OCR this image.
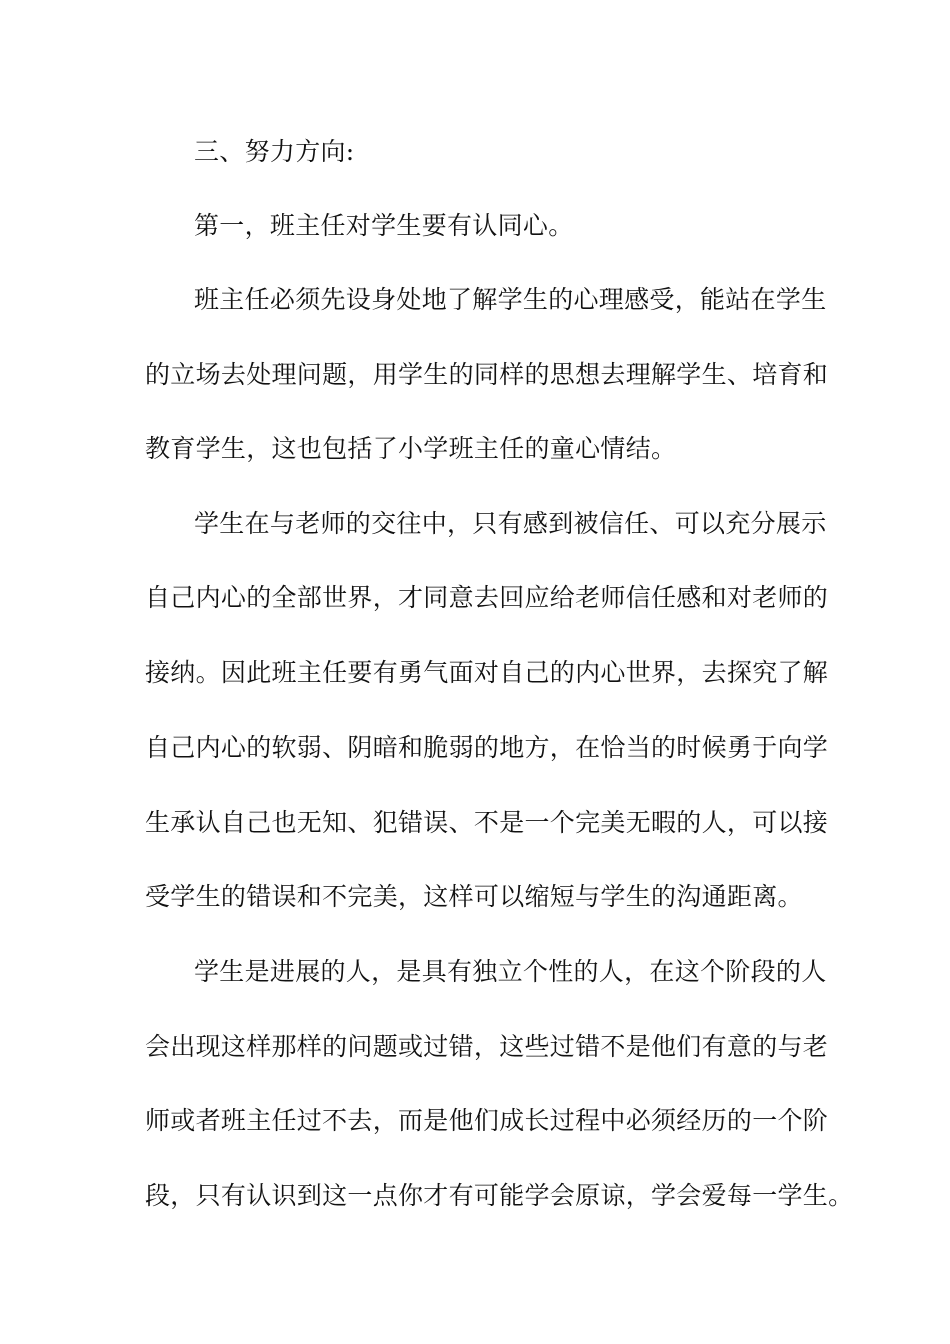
三、努力方向:
第一，班主任对学生要有认同心。
班主任必须先设身处地了解学生的心理感受，能站在学生
的立场去处理问题，用学生的同样的思想去理解学生、培育和
教育学生，这也包括了小学班主任的童心情结。
学生在与老师的交往中，只有感到被信任、可以充分展示
自己内心的全部世界，才同意去回应给老师信任感和对老师的
接纳。因此班主任要有勇气面对自己的内心世界，去探究了解
自己内心的软弱、阴暗和脆弱的地方，在恰当的时候勇于向学
生承认自己也无知、犯错误、不是一个完美无暇的人，可以接
受学生的错误和不完美，这样可以缩短与学生的沟通距离。
学生是进展的人，是具有独立个性的人，在这个阶段的人
会出现这样那样的问题或过错，这些过错不是他们有意的与老
师或者班主任过不去，而是他们成长过程中必须经历的一个阶
段，只有认识到这一点你才有可能学会原谅，学会爱每一学生。
